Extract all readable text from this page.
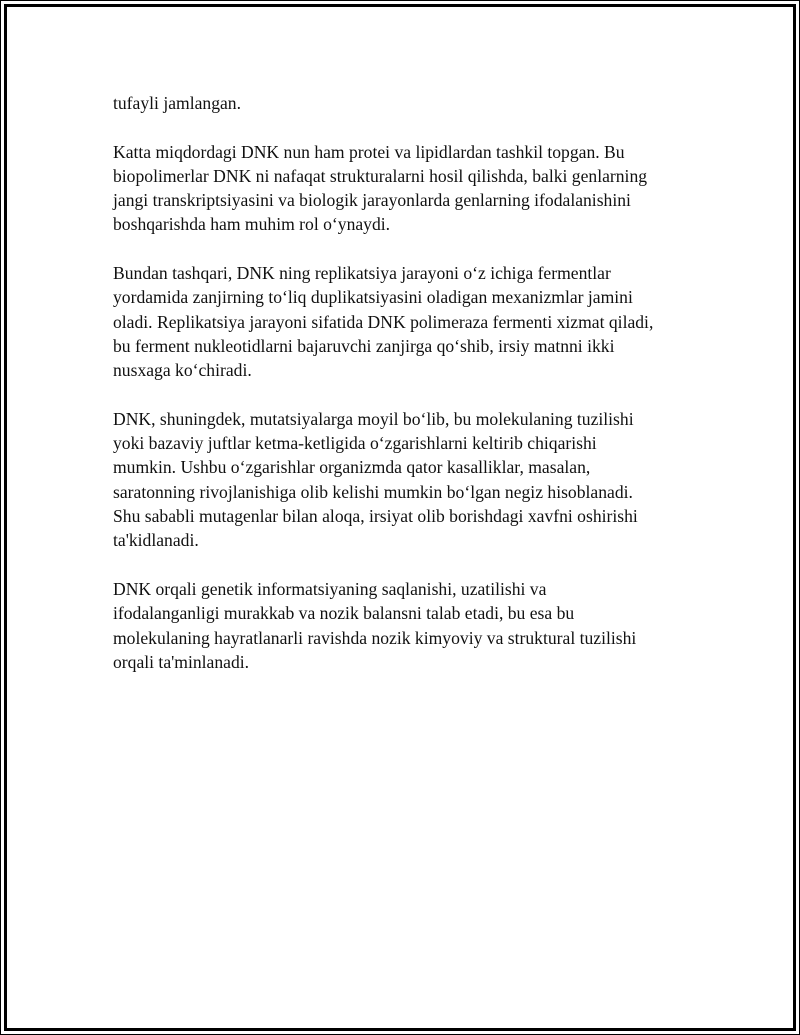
tufayli jamlangan.

Katta miqdordagi DNK nun ham protei va lipidlardan tashkil topgan. Bu
biopolimerlar DNK ni nafaqat strukturalarni hosil qilishda, balki genlarning
jangi transkriptsiyasini va biologik jarayonlarda genlarning ifodalanishini
boshqarishda ham muhim rol o‘ynaydi.

Bundan tashqari, DNK ning replikatsiya jarayoni o‘z ichiga fermentlar
yordamida zanjirning to‘liq duplikatsiyasini oladigan mexanizmlar jamini
oladi. Replikatsiya jarayoni sifatida DNK polimeraza fermenti xizmat qiladi,
bu ferment nukleotidlarni bajaruvchi zanjirga qo‘shib, irsiy matnni ikki
nusxaga ko‘chiradi.

DNK, shuningdek, mutatsiyalarga moyil bo‘lib, bu molekulaning tuzilishi
yoki bazaviy juftlar ketma-ketligida o‘zgarishlarni keltirib chiqarishi
mumkin. Ushbu o‘zgarishlar organizmda qator kasalliklar, masalan,
saratonning rivojlanishiga olib kelishi mumkin bo‘lgan negiz hisoblanadi.
Shu sababli mutagenlar bilan aloqa, irsiyat olib borishdagi xavfni oshirishi
ta'kidlanadi.

DNK orqali genetik informatsiyaning saqlanishi, uzatilishi va
ifodalanganligi murakkab va nozik balansni talab etadi, bu esa bu
molekulaning hayratlanarli ravishda nozik kimyoviy va struktural tuzilishi
orqali ta'minlanadi.
